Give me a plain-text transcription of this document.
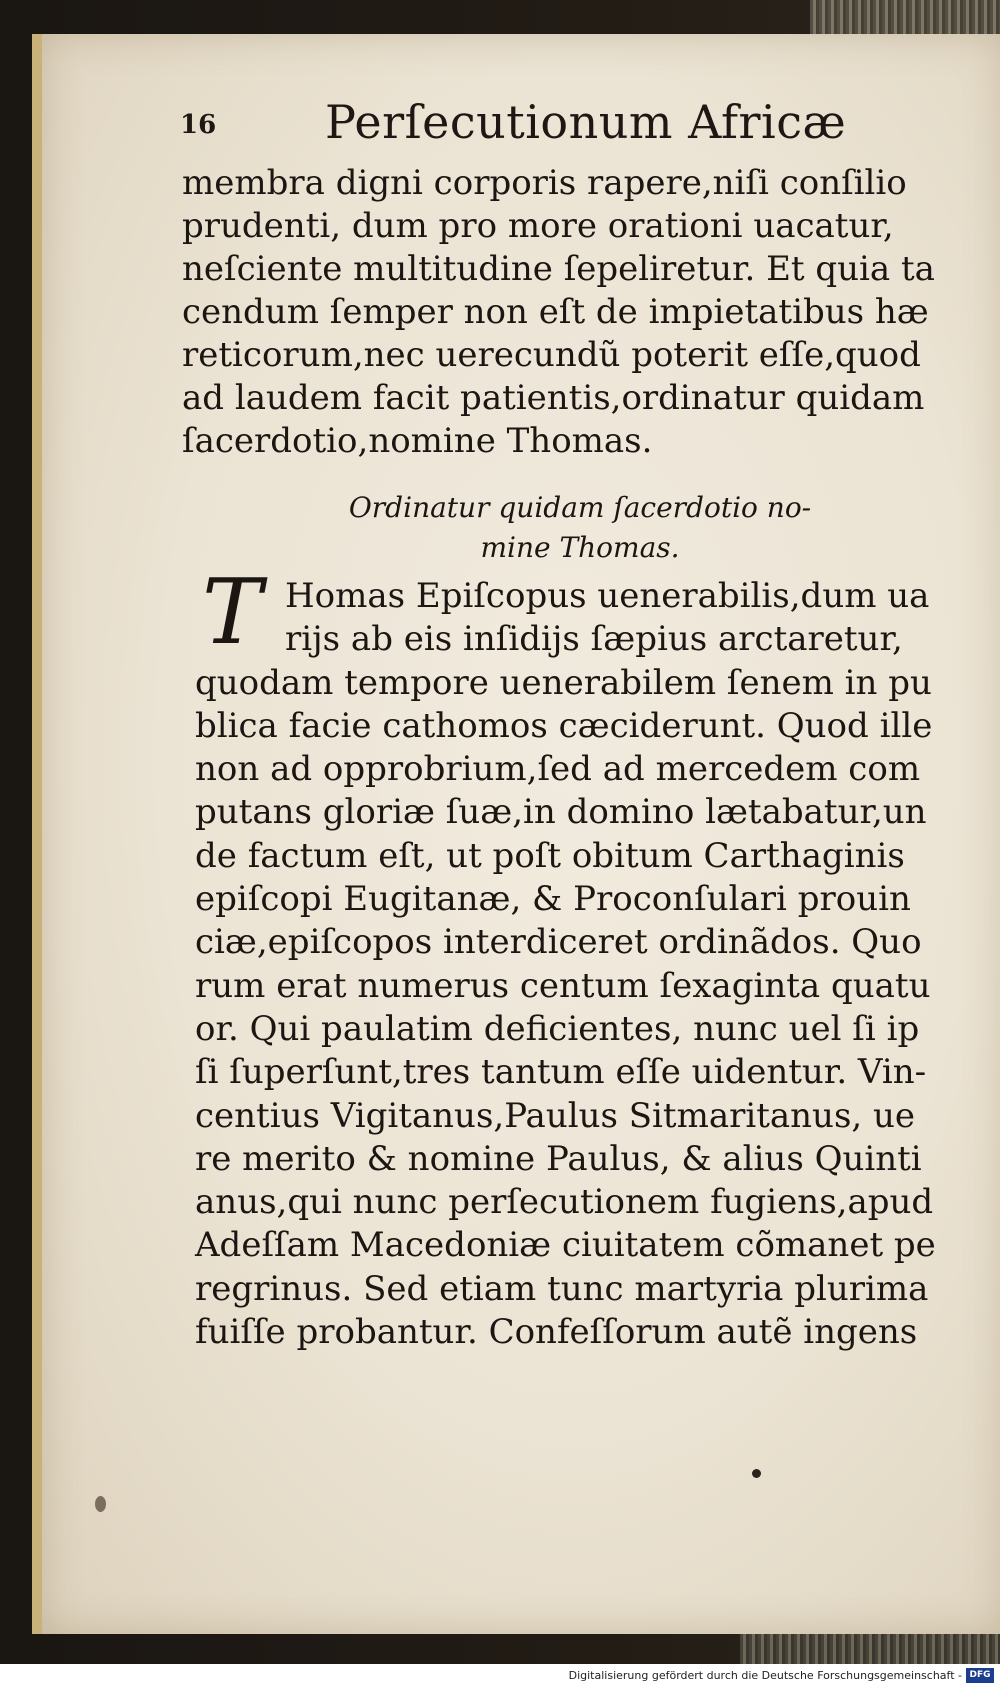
16 Perſecutionum Africæ
membra digni corporis rapere,niſi conſilio
prudenti, dum pro more orationi uacatur,
neſciente multitudine ſepeliretur. Et quia ta
cendum ſemper non eſt de impietatibus hæ
reticorum,nec uerecundũ poterit eſſe,quod
ad laudem facit patientis,ordinatur quidam
ſacerdotio,nomine Thomas.
Ordinatur quidam ſacerdotio no-
mine Thomas.
T Homas Epiſcopus uenerabilis,dum ua
rijs ab eis inſidijs ſæpius arctaretur,
quodam tempore uenerabilem ſenem in pu
blica facie cathomos cæciderunt. Quod ille
non ad opprobrium,ſed ad mercedem com
putans gloriæ ſuæ,in domino lætabatur,un
de factum eſt, ut poſt obitum Carthaginis
epiſcopi Eugitanæ, & Proconſulari prouin
ciæ,epiſcopos interdiceret ordinãdos. Quo
rum erat numerus centum ſexaginta quatu
or. Qui paulatim deficientes, nunc uel ſi ip
ſi ſuperſunt,tres tantum eſſe uidentur. Vin-
centius Vigitanus,Paulus Sitmaritanus, ue
re merito & nomine Paulus, & alius Quinti
anus,qui nunc perſecutionem fugiens,apud
Adeſſam Macedoniæ ciuitatem cõmanet pe
regrinus. Sed etiam tunc martyria plurima
fuiſſe probantur. Confeſſorum autẽ ingens
Digitalisierung gefördert durch die Deutsche Forschungsgemeinschaft - DFG
